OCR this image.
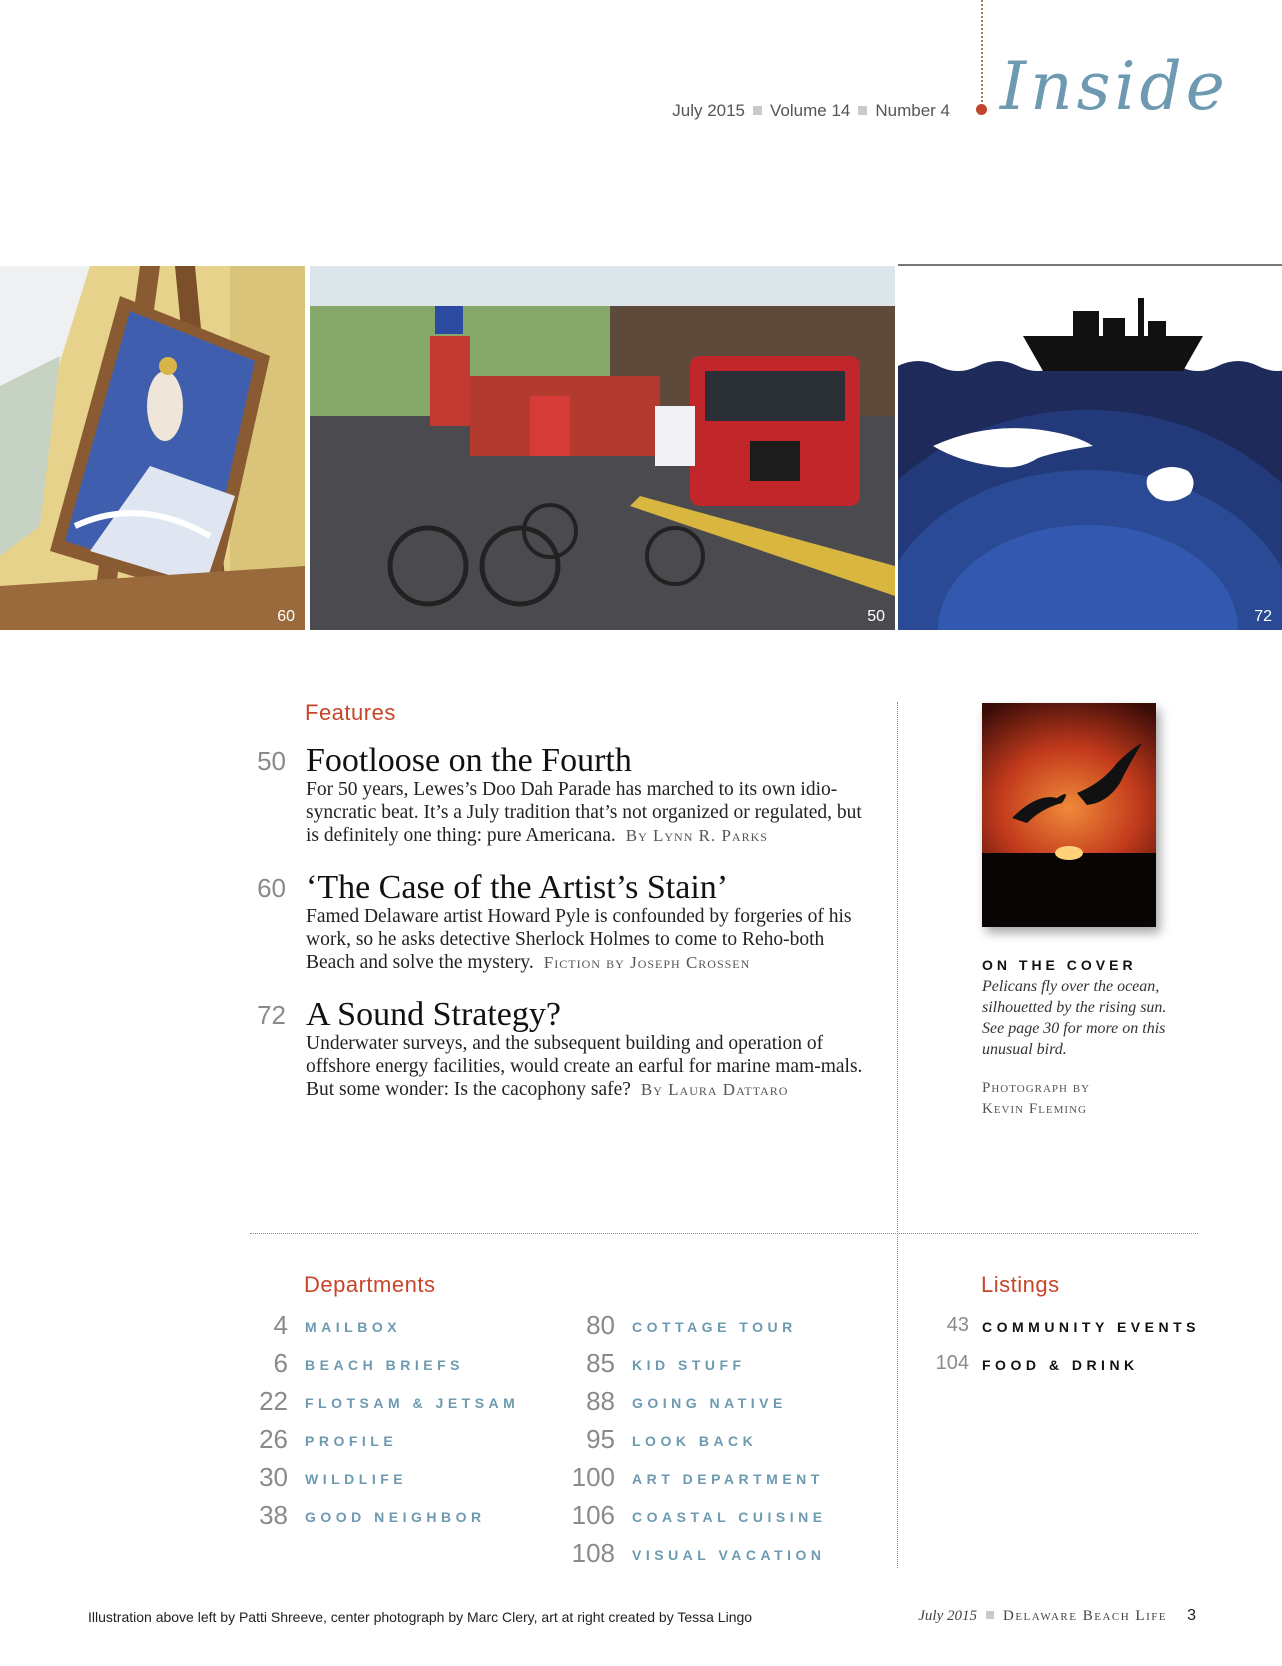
July 2015 Volume 14 Number 4 Inside
60	50	72
Features
50 Footloose on the Fourth
For 50 years, Lewes’s Doo Dah Parade has marched to its own idio-syncratic beat. It’s a July tradition that’s not organized or regulated, but is definitely one thing: pure Americana. By Lynn R. Parks
60 ‘The Case of the Artist’s Stain’
Famed Delaware artist Howard Pyle is confounded by forgeries of his work, so he asks detective Sherlock Holmes to come to Reho-both Beach and solve the mystery. Fiction by Joseph Crossen
72 A Sound Strategy?
Underwater surveys, and the subsequent building and operation of offshore energy facilities, would create an earful for marine mam-mals. But some wonder: Is the cacophony safe? By Laura Dattaro
ON THE COVER
Pelicans fly over the ocean, silhouetted by the rising sun. See page 30 for more on this unusual bird.
Photograph by
Kevin Fleming
Departments
4 MAILBOX
6 BEACH BRIEFS
22 FLOTSAM & JETSAM
26 PROFILE
30 WILDLIFE
38 GOOD NEIGHBOR
80 COTTAGE TOUR
85 KID STUFF
88 GOING NATIVE
95 LOOK BACK
100 ART DEPARTMENT
106 COASTAL CUISINE
108 VISUAL VACATION
Listings
43 COMMUNITY EVENTS
104 FOOD & DRINK
Illustration above left by Patti Shreeve, center photograph by Marc Clery, art at right created by Tessa Lingo	July 2015 Delaware Beach Life 3
